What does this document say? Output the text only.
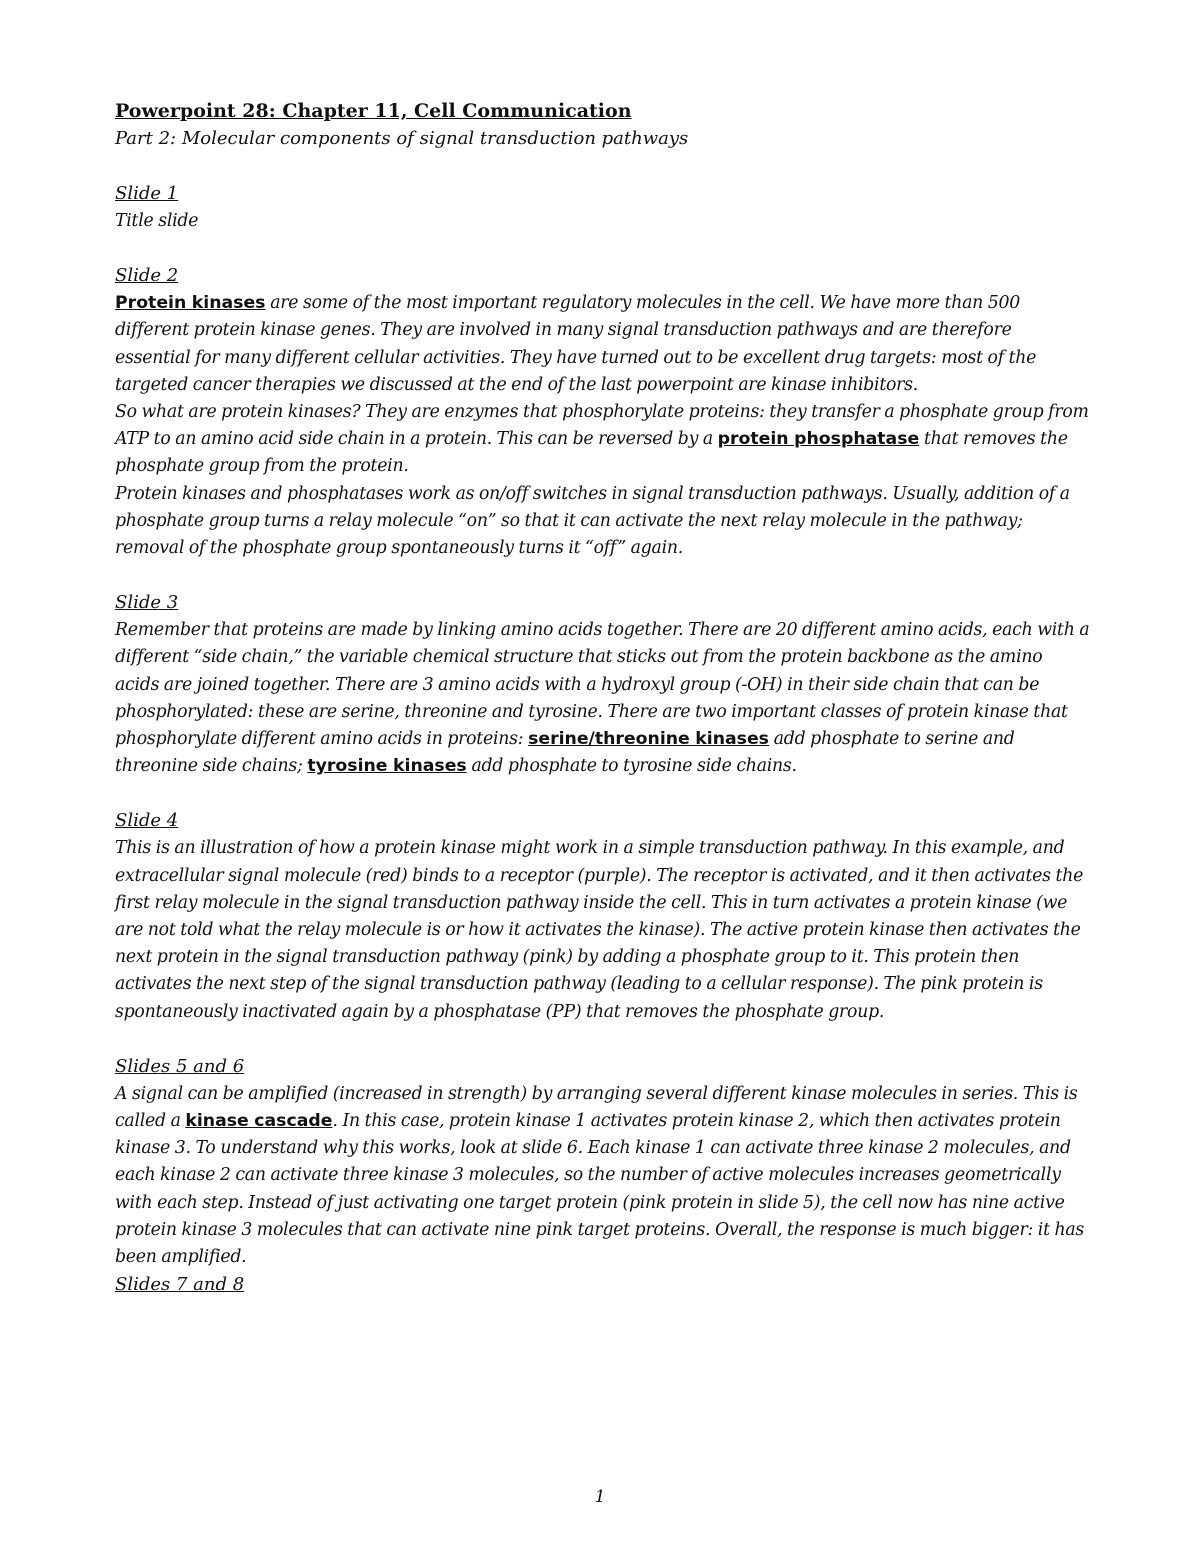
Powerpoint 28: Chapter 11, Cell Communication

Part 2: Molecular components of signal transduction pathways

Slide 1

Title slide

Slide 2

Protein kinases are some of the most important regulatory molecules in the cell. We have more than 500 different protein kinase genes. They are involved in many signal transduction pathways and are therefore essential for many different cellular activities. They have turned out to be excellent drug targets: most of the targeted cancer therapies we discussed at the end of the last powerpoint are kinase inhibitors.

So what are protein kinases? They are enzymes that phosphorylate proteins: they transfer a phosphate group from ATP to an amino acid side chain in a protein. This can be reversed by a protein phosphatase that removes the phosphate group from the protein.

Protein kinases and phosphatases work as on/off switches in signal transduction pathways. Usually, addition of a phosphate group turns a relay molecule “on” so that it can activate the next relay molecule in the pathway; removal of the phosphate group spontaneously turns it “off” again.

Slide 3

Remember that proteins are made by linking amino acids together. There are 20 different amino acids, each with a different “side chain,” the variable chemical structure that sticks out from the protein backbone as the amino acids are joined together. There are 3 amino acids with a hydroxyl group (-OH) in their side chain that can be phosphorylated: these are serine, threonine and tyrosine. There are two important classes of protein kinase that phosphorylate different amino acids in proteins: serine/threonine kinases add phosphate to serine and threonine side chains; tyrosine kinases add phosphate to tyrosine side chains.

Slide 4

This is an illustration of how a protein kinase might work in a simple transduction pathway. In this example, and extracellular signal molecule (red) binds to a receptor (purple). The receptor is activated, and it then activates the first relay molecule in the signal transduction pathway inside the cell. This in turn activates a protein kinase (we are not told what the relay molecule is or how it activates the kinase). The active protein kinase then activates the next protein in the signal transduction pathway (pink) by adding a phosphate group to it. This protein then activates the next step of the signal transduction pathway (leading to a cellular response). The pink protein is spontaneously inactivated again by a phosphatase (PP) that removes the phosphate group.

Slides 5 and 6

A signal can be amplified (increased in strength) by arranging several different kinase molecules in series. This is called a kinase cascade. In this case, protein kinase 1 activates protein kinase 2, which then activates protein kinase 3. To understand why this works, look at slide 6. Each kinase 1 can activate three kinase 2 molecules, and each kinase 2 can activate three kinase 3 molecules, so the number of active molecules increases geometrically with each step. Instead of just activating one target protein (pink protein in slide 5), the cell now has nine active protein kinase 3 molecules that can activate nine pink target proteins. Overall, the response is much bigger: it has been amplified.

Slides 7 and 8

1
